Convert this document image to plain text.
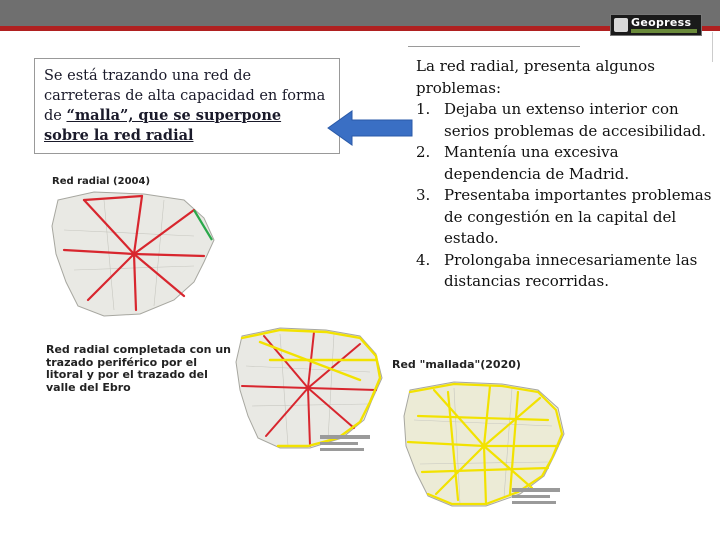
Geopress
Se está trazando una red de carreteras de alta capacidad en forma de “malla”, que se superpone sobre la red radial

La red radial, presenta algunos problemas:

1. Dejaba un extenso interior con serios problemas de accesibilidad.
2. Mantenía una excesiva dependencia de Madrid.
3. Presentaba importantes problemas de congestión en la capital del estado.
4. Prolongaba innecesariamente las distancias recorridas.
Red radial (2004)
Red radial completada con un trazado periférico por el litoral y por el trazado del valle del Ebro
Red "mallada"(2020)
